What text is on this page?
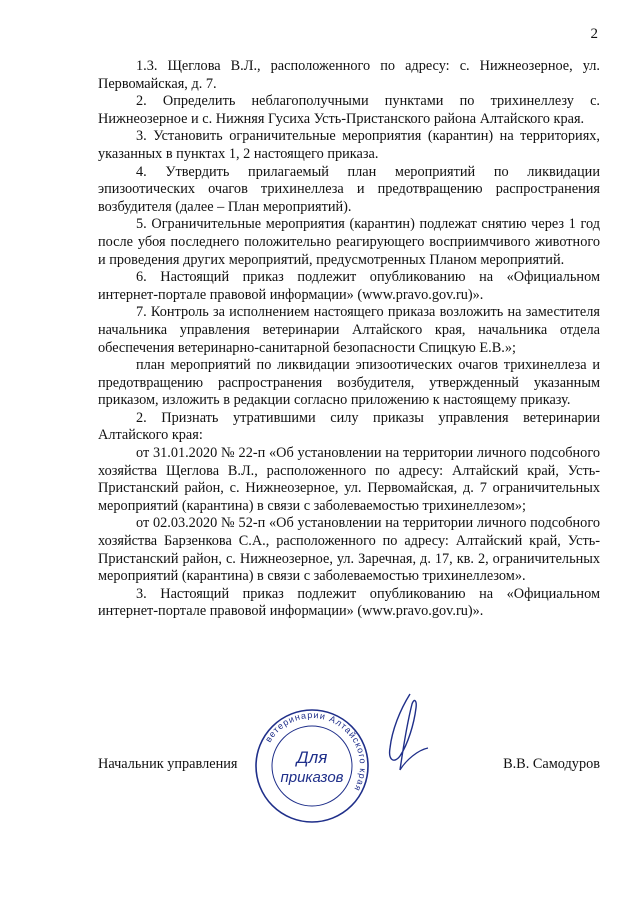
2

1.3. Щеглова В.Л., расположенного по адресу: с. Нижнеозерное, ул. Первомайская, д. 7.

2. Определить неблагополучными пунктами по трихинеллезу с. Нижнеозерное и с. Нижняя Гусиха Усть-Пристанского района Алтайского края.

3. Установить ограничительные мероприятия (карантин) на территориях, указанных в пунктах 1, 2 настоящего приказа.

4. Утвердить прилагаемый план мероприятий по ликвидации эпизоотических очагов трихинеллеза и предотвращению распространения возбудителя (далее – План мероприятий).

5. Ограничительные мероприятия (карантин) подлежат снятию через 1 год после убоя последнего положительно реагирующего восприимчивого животного и проведения других мероприятий, предусмотренных Планом мероприятий.

6. Настоящий приказ подлежит опубликованию на «Официальном интернет-портале правовой информации» (www.pravo.gov.ru)».

7. Контроль за исполнением настоящего приказа возложить на заместителя начальника управления ветеринарии Алтайского края, начальника отдела обеспечения ветеринарно-санитарной безопасности Спицкую Е.В.»;

план мероприятий по ликвидации эпизоотических очагов трихинеллеза и предотвращению распространения возбудителя, утвержденный указанным приказом, изложить в редакции согласно приложению к настоящему приказу.

2. Признать утратившими силу приказы управления ветеринарии Алтайского края:

от 31.01.2020 № 22-п «Об установлении на территории личного подсобного хозяйства Щеглова В.Л., расположенного по адресу: Алтайский край, Усть-Пристанский район, с. Нижнеозерное, ул. Первомайская, д. 7 ограничительных мероприятий (карантина) в связи с заболеваемостью трихинеллезом»;

от 02.03.2020 № 52-п «Об установлении на территории личного подсобного хозяйства Барзенкова С.А., расположенного по адресу: Алтайский край, Усть-Пристанский район, с. Нижнеозерное, ул. Заречная, д. 17, кв. 2, ограничительных мероприятий (карантина) в связи с заболеваемостью трихинеллезом».

3. Настоящий приказ подлежит опубликованию на «Официальном интернет-портале правовой информации» (www.pravo.gov.ru)».

Начальник управления	В.В. Самодуров
ветеринарии Алтайского края
Для
приказов
